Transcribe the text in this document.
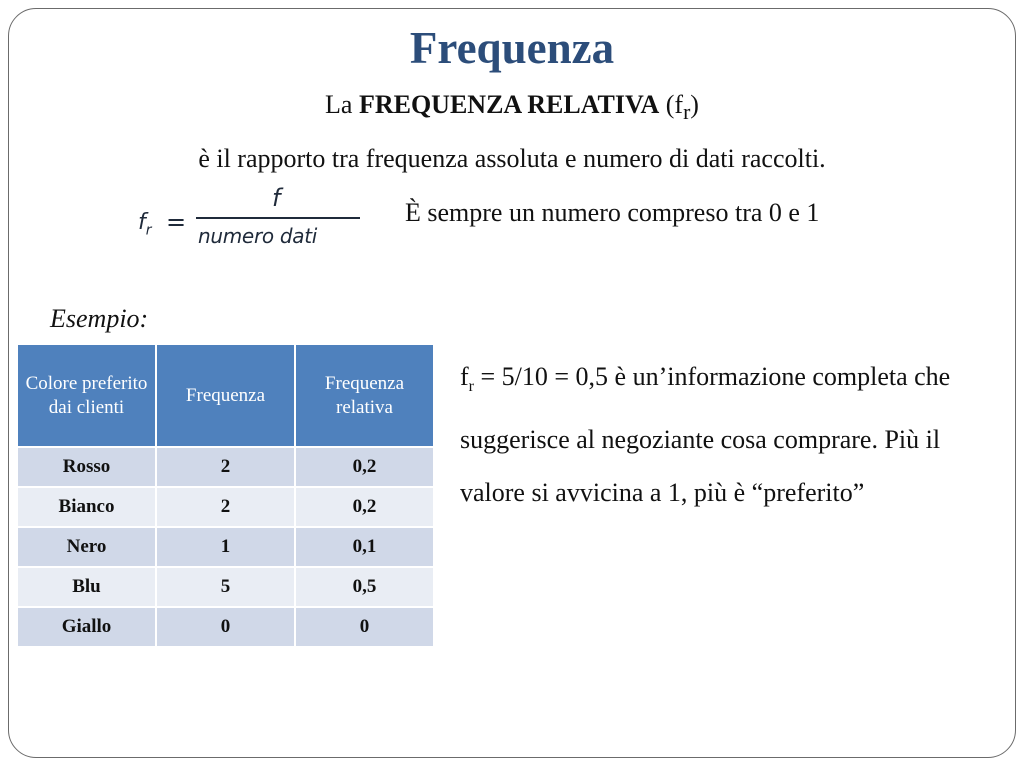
Frequenza
La FREQUENZA RELATIVA $(f_r)$
è il rapporto tra frequenza assoluta e numero di dati raccolti.
$f_r$ =
f
numero dati
È sempre un numero compreso tra 0 e 1
Esempio:
Colore preferito dai clienti	Frequenza	Frequenza relativa
Rosso	2	0,2
Bianco	2	0,2
Nero	1	0,1
Blu	5	0,5
Giallo	0	0
$f_r = 5/10 = 0,5$ è un’informazione completa che suggerisce al negoziante cosa comprare. Più il valore si avvicina a 1, più è “preferito”
